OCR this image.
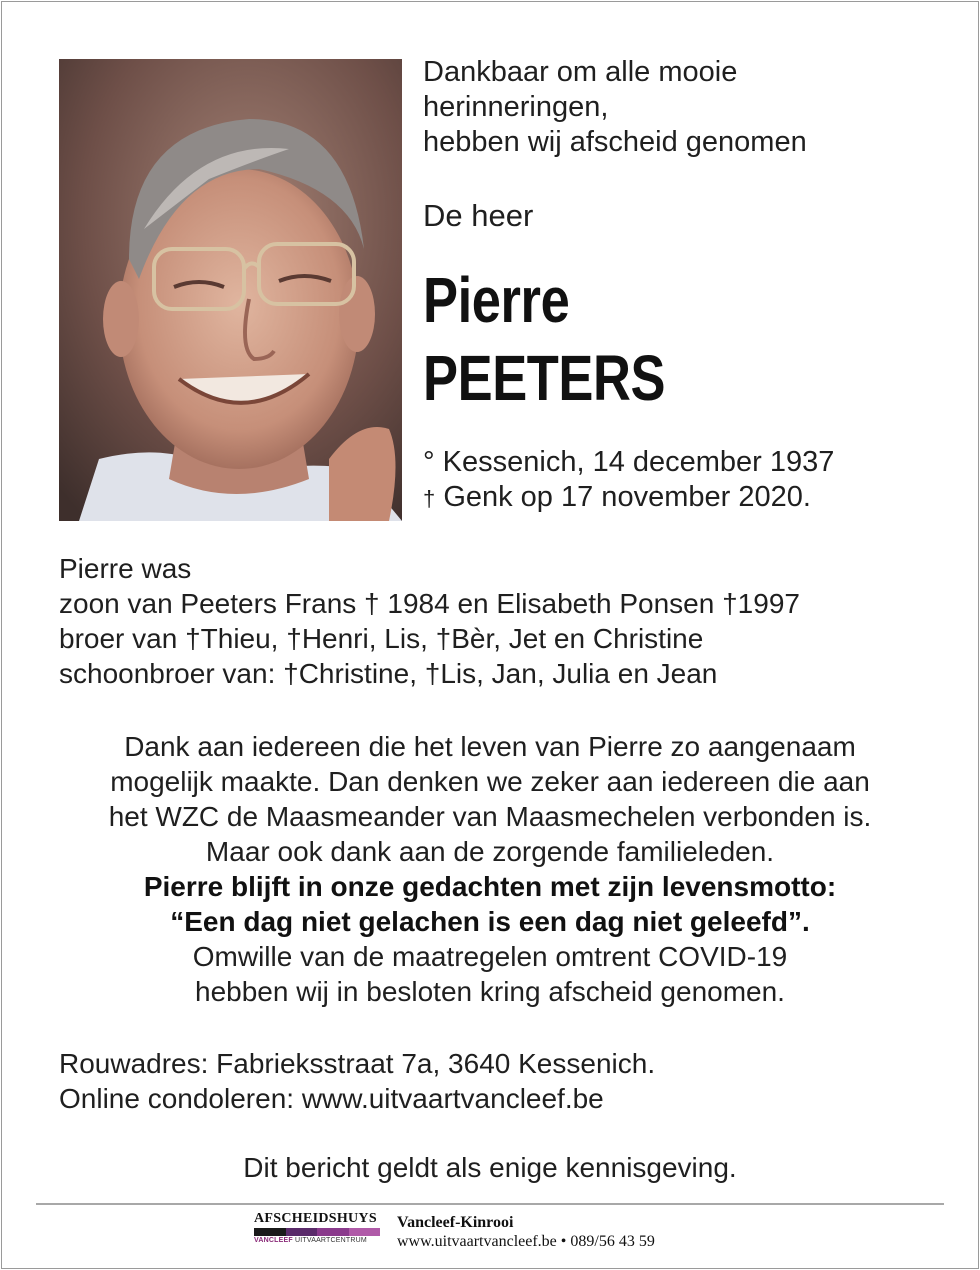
Dankbaar om alle mooie
herinneringen,
hebben wij afscheid genomen
De heer
Pierre
PEETERS
° Kessenich, 14 december 1937
† Genk op 17 november 2020.
Pierre was
zoon van Peeters Frans † 1984 en Elisabeth Ponsen †1997
broer van †Thieu, †Henri, Lis, †Bèr, Jet en Christine
schoonbroer van: †Christine, †Lis, Jan, Julia en Jean
Dank aan iedereen die het leven van Pierre zo aangenaam
mogelijk maakte. Dan denken we zeker aan iedereen die aan
het WZC de Maasmeander van Maasmechelen verbonden is.
Maar ook dank aan de zorgende familieleden.
Pierre blijft in onze gedachten met zijn levensmotto:
“Een dag niet gelachen is een dag niet geleefd”.
Omwille van de maatregelen omtrent COVID-19
hebben wij in besloten kring afscheid genomen.
Rouwadres: Fabrieksstraat 7a, 3640 Kessenich.
Online condoleren: www.uitvaartvancleef.be
Dit bericht geldt als enige kennisgeving.
AFSCHEIDSHUYS
VANCLEEF UITVAARTCENTRUM
Vancleef-Kinrooi
www.uitvaartvancleef.be • 089/56 43 59
